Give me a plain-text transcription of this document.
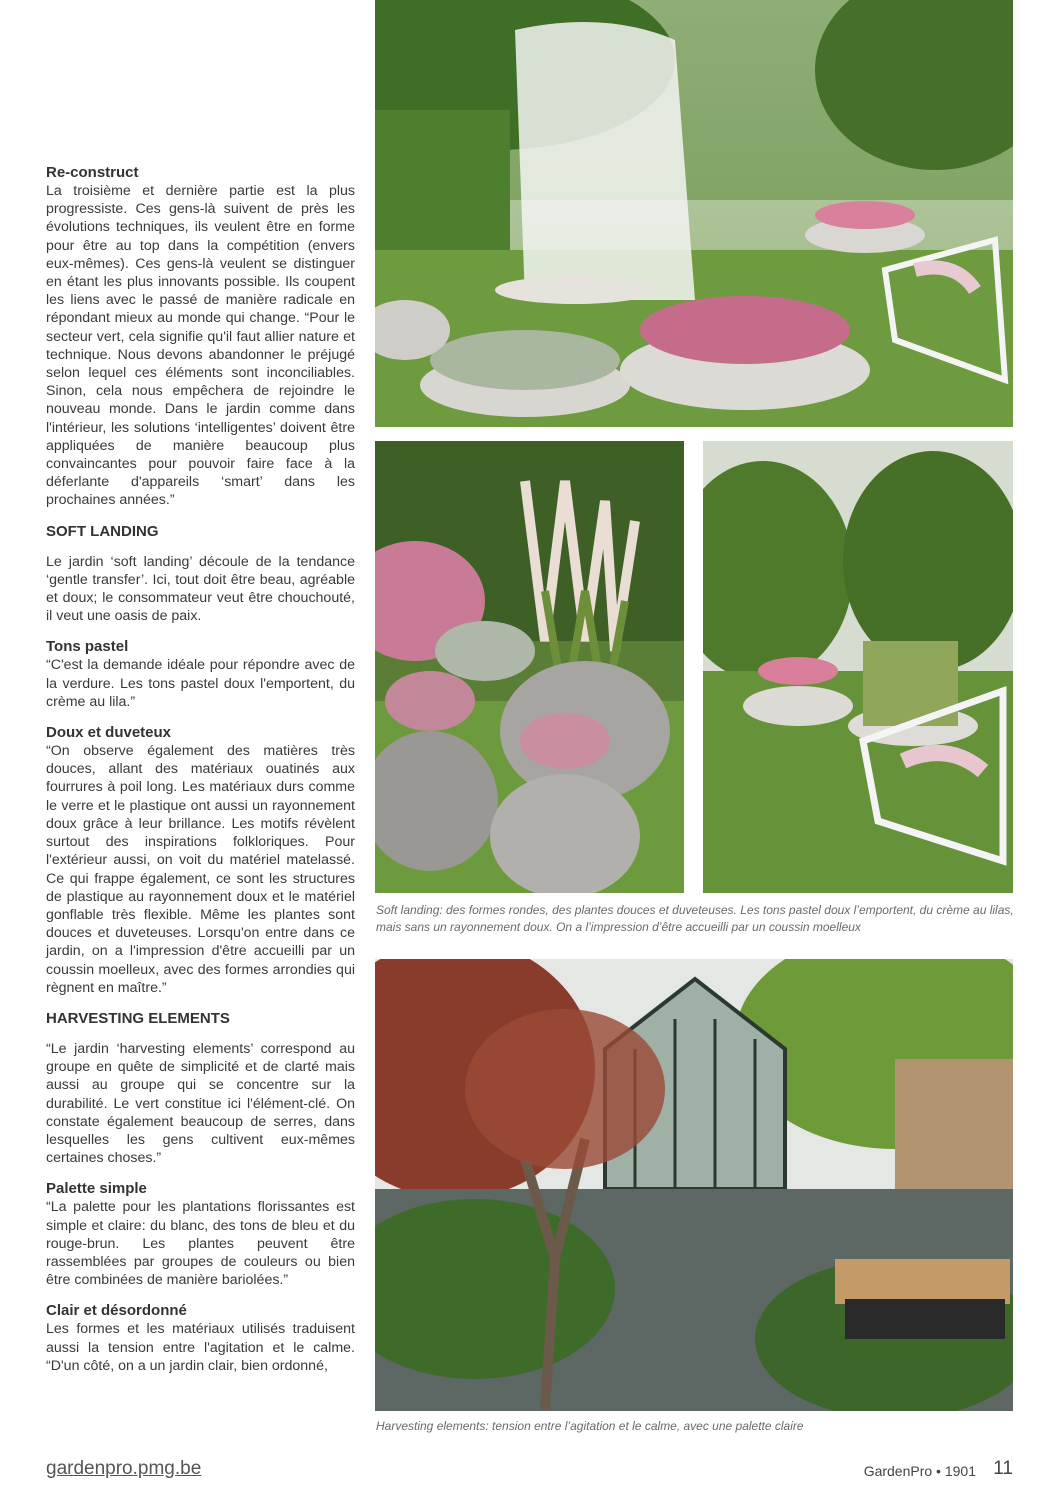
Re-construct

La troisième et dernière partie est la plus progressiste. Ces gens-là suivent de près les évolutions techniques, ils veulent être en forme pour être au top dans la compétition (envers eux-mêmes). Ces gens-là veulent se distinguer en étant les plus innovants possible. Ils coupent les liens avec le passé de manière radicale en répondant mieux au monde qui change. “Pour le secteur vert, cela signifie qu'il faut allier nature et technique. Nous devons abandonner le préjugé selon lequel ces éléments sont inconciliables. Sinon, cela nous empêchera de rejoindre le nouveau monde. Dans le jardin comme dans l'intérieur, les solutions ‘intelligentes’ doivent être appliquées de manière beaucoup plus convaincantes pour pouvoir faire face à la déferlante d'appareils ‘smart’ dans les prochaines années.”

SOFT LANDING

Le jardin ‘soft landing’ découle de la tendance ‘gentle transfer’. Ici, tout doit être beau, agréable et doux; le consommateur veut être chouchouté, il veut une oasis de paix.

Tons pastel

“C'est la demande idéale pour répondre avec de la verdure. Les tons pastel doux l'emportent, du crème au lila.”

Doux et duveteux

“On observe également des matières très douces, allant des matériaux ouatinés aux fourrures à poil long. Les matériaux durs comme le verre et le plastique ont aussi un rayonnement doux grâce à leur brillance. Les motifs révèlent surtout des inspirations folkloriques. Pour l'extérieur aussi, on voit du matériel matelassé. Ce qui frappe également, ce sont les structures de plastique au rayonnement doux et le matériel gonflable très flexible. Même les plantes sont douces et duveteuses. Lorsqu'on entre dans ce jardin, on a l'impression d'être accueilli par un coussin moelleux, avec des formes arrondies qui règnent en maître.”

HARVESTING ELEMENTS

“Le jardin ‘harvesting elements’ correspond au groupe en quête de simplicité et de clarté mais aussi au groupe qui se concentre sur la durabilité. Le vert constitue ici l'élément-clé. On constate également beaucoup de serres, dans lesquelles les gens cultivent eux-mêmes certaines choses.”

Palette simple

“La palette pour les plantations florissantes est simple et claire: du blanc, des tons de bleu et du rouge-brun. Les plantes peuvent être rassemblées par groupes de couleurs ou bien être combinées de manière bariolées.”

Clair et désordonné

Les formes et les matériaux utilisés traduisent aussi la tension entre l'agitation et le calme. “D'un côté, on a un jardin clair, bien ordonné,

Soft landing: des formes rondes, des plantes douces et duveteuses. Les tons pastel doux l’emportent, du crème au lilas, mais sans un rayonnement doux. On a l’impression d’être accueilli par un coussin moelleux
Harvesting elements: tension entre l’agitation et le calme, avec une palette claire
gardenpro.pmg.be	GardenPro • 1901 11
